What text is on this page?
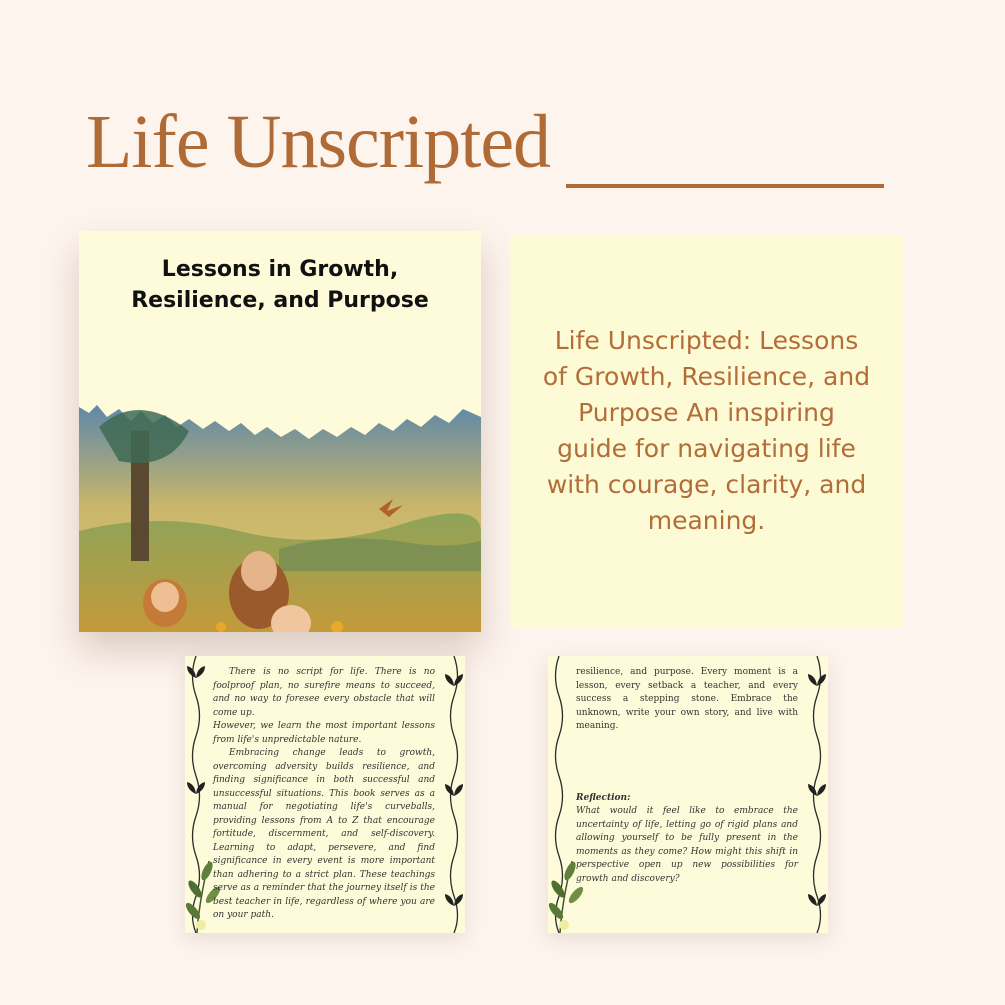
Life Unscripted
Lessons in Growth,
Resilience, and Purpose
Life Unscripted: Lessons of Growth, Resilience, and Purpose An inspiring guide for navigating life with courage, clarity, and meaning.

There is no script for life. There is no foolproof plan, no surefire means to succeed, and no way to foresee every obstacle that will come up.

However, we learn the most important lessons from life's unpredictable nature.

Embracing change leads to growth, overcoming adversity builds resilience, and finding significance in both successful and unsuccessful situations. This book serves as a manual for negotiating life's curveballs, providing lessons from A to Z that encourage fortitude, discernment, and self-discovery. Learning to adapt, persevere, and find significance in every event is more important than adhering to a strict plan. These teachings serve as a reminder that the journey itself is the best teacher in life, regardless of where you are on your path.

resilience, and purpose. Every moment is a lesson, every setback a teacher, and every success a stepping stone. Embrace the unknown, write your own story, and live with meaning.

Reflection:

What would it feel like to embrace the uncertainty of life, letting go of rigid plans and allowing yourself to be fully present in the moments as they come? How might this shift in perspective open up new possibilities for growth and discovery?
